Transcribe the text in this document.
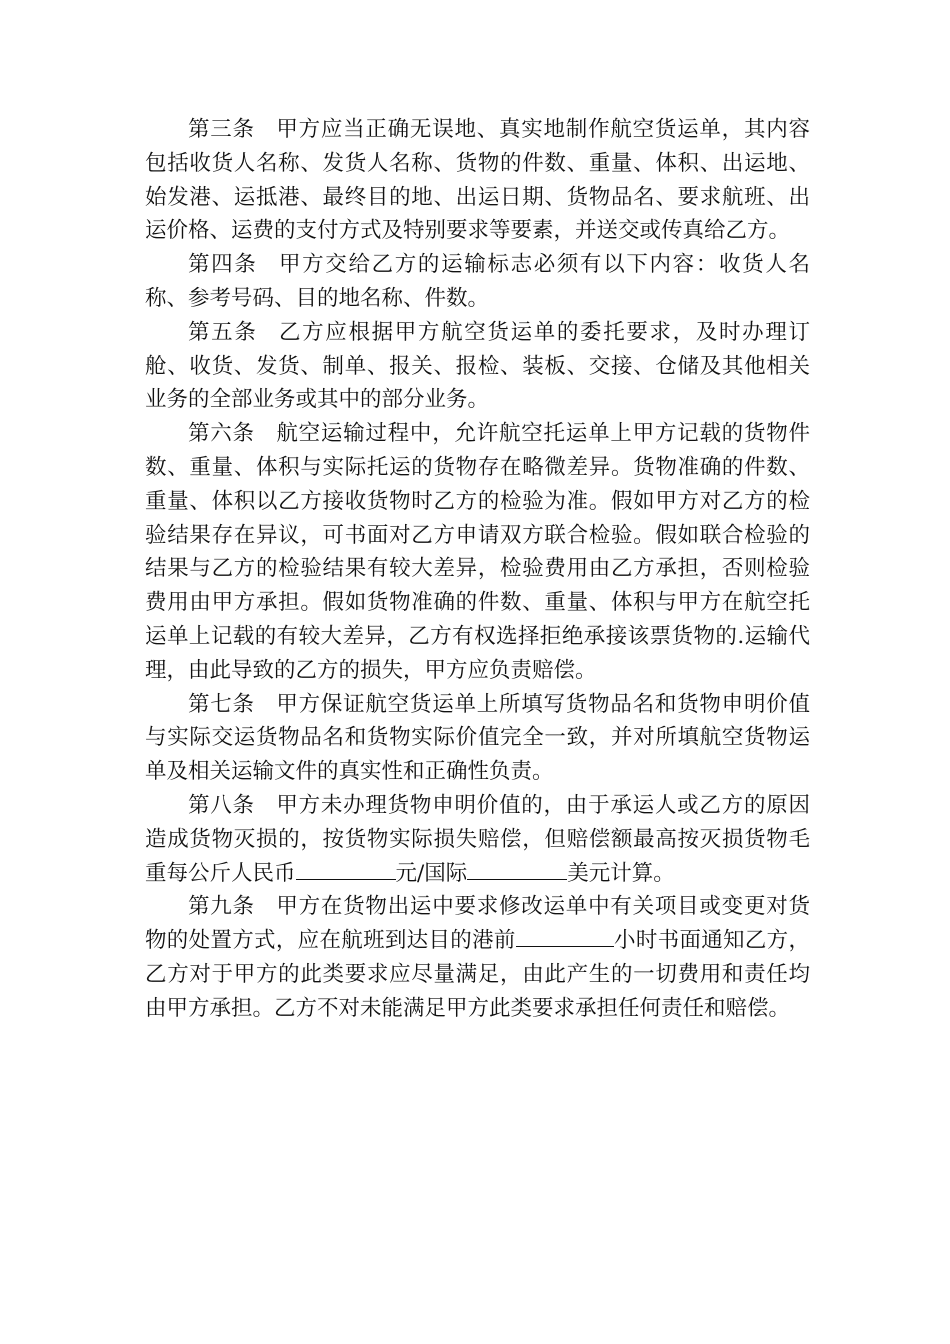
第三条 甲方应当正确无误地、真实地制作航空货运单，其内容包括收货人名称、发货人名称、货物的件数、重量、体积、出运地、始发港、运抵港、最终目的地、出运日期、货物品名、要求航班、出运价格、运费的支付方式及特别要求等要素，并送交或传真给乙方。

第四条 甲方交给乙方的运输标志必须有以下内容：收货人名称、参考号码、目的地名称、件数。

第五条 乙方应根据甲方航空货运单的委托要求，及时办理订舱、收货、发货、制单、报关、报检、装板、交接、仓储及其他相关业务的全部业务或其中的部分业务。

第六条 航空运输过程中，允许航空托运单上甲方记载的货物件数、重量、体积与实际托运的货物存在略微差异。货物准确的件数、重量、体积以乙方接收货物时乙方的检验为准。假如甲方对乙方的检验结果存在异议，可书面对乙方申请双方联合检验。假如联合检验的结果与乙方的检验结果有较大差异，检验费用由乙方承担，否则检验费用由甲方承担。假如货物准确的件数、重量、体积与甲方在航空托运单上记载的有较大差异，乙方有权选择拒绝承接该票货物的.运输代理，由此导致的乙方的损失，甲方应负责赔偿。

第七条 甲方保证航空货运单上所填写货物品名和货物申明价值与实际交运货物品名和货物实际价值完全一致，并对所填航空货物运单及相关运输文件的真实性和正确性负责。

第八条 甲方未办理货物申明价值的，由于承运人或乙方的原因造成货物灭损的，按货物实际损失赔偿，但赔偿额最高按灭损货物毛重每公斤人民币	元/国际	美元计算。

第九条 甲方在货物出运中要求修改运单中有关项目或变更对货物的处置方式，应在航班到达目的港前	小时书面通知乙方，乙方对于甲方的此类要求应尽量满足，由此产生的一切费用和责任均由甲方承担。乙方不对未能满足甲方此类要求承担任何责任和赔偿。
